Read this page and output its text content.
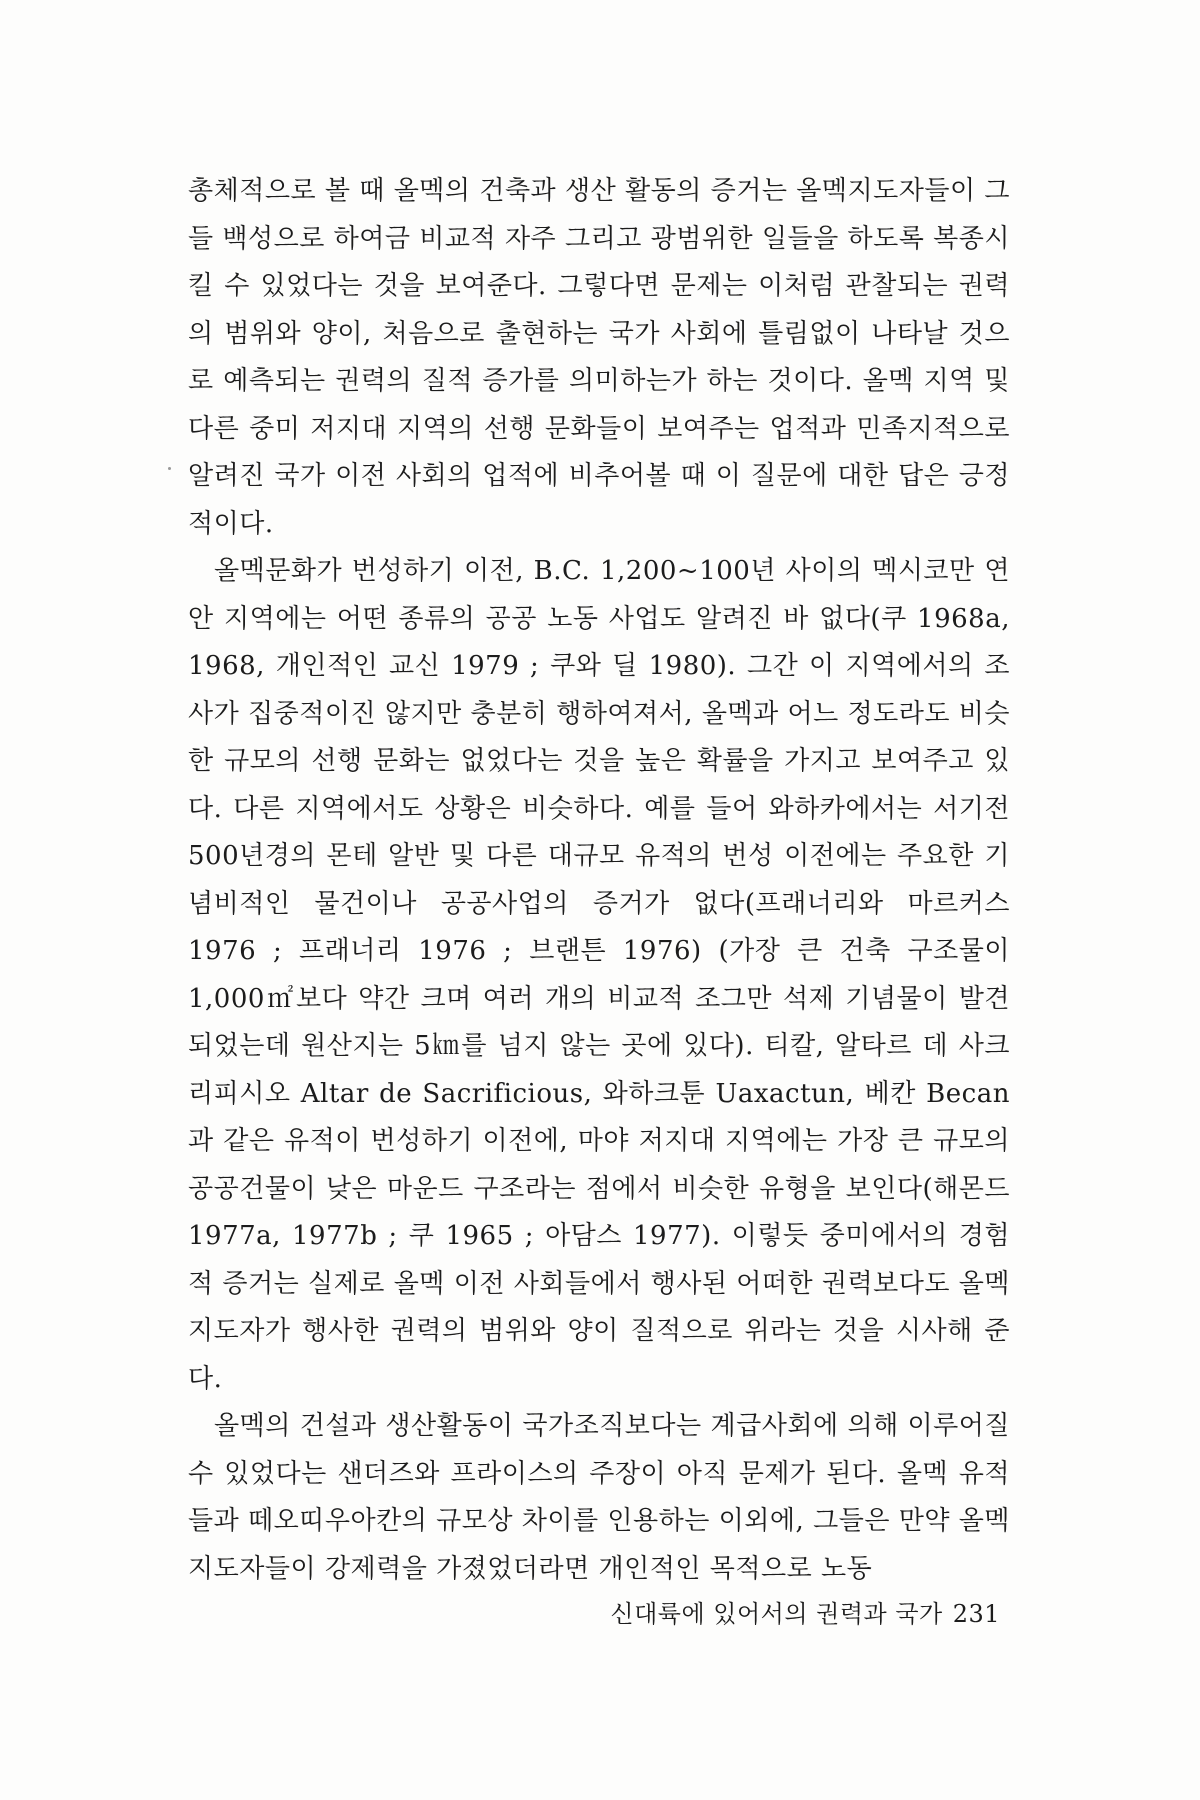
총체적으로 볼 때 올멕의 건축과 생산 활동의 증거는 올멕지도자들이 그들 백성으로 하여금 비교적 자주 그리고 광범위한 일들을 하도록 복종시킬 수 있었다는 것을 보여준다. 그렇다면 문제는 이처럼 관찰되는 권력의 범위와 양이, 처음으로 출현하는 국가 사회에 틀림없이 나타날 것으로 예측되는 권력의 질적 증가를 의미하는가 하는 것이다. 올멕 지역 및 다른 중미 저지대 지역의 선행 문화들이 보여주는 업적과 민족지적으로 알려진 국가 이전 사회의 업적에 비추어볼 때 이 질문에 대한 답은 긍정적이다.

올멕문화가 번성하기 이전, B.C. 1,200~100년 사이의 멕시코만 연안 지역에는 어떤 종류의 공공 노동 사업도 알려진 바 없다(쿠 1968a, 1968, 개인적인 교신 1979 ; 쿠와 딜 1980). 그간 이 지역에서의 조사가 집중적이진 않지만 충분히 행하여져서, 올멕과 어느 정도라도 비슷한 규모의 선행 문화는 없었다는 것을 높은 확률을 가지고 보여주고 있다. 다른 지역에서도 상황은 비슷하다. 예를 들어 와하카에서는 서기전 500년경의 몬테 알반 및 다른 대규모 유적의 번성 이전에는 주요한 기념비적인 물건이나 공공사업의 증거가 없다(프래너리와 마르커스 1976 ; 프래너리 1976 ; 브랜튼 1976) (가장 큰 건축 구조물이 1,000㎡보다 약간 크며 여러 개의 비교적 조그만 석제 기념물이 발견되었는데 원산지는 5㎞를 넘지 않는 곳에 있다). 티칼, 알타르 데 사크리피시오 Altar de Sacrificious, 와하크툰 Uaxactun, 베칸 Becan과 같은 유적이 번성하기 이전에, 마야 저지대 지역에는 가장 큰 규모의 공공건물이 낮은 마운드 구조라는 점에서 비슷한 유형을 보인다(해몬드 1977a, 1977b ; 쿠 1965 ; 아담스 1977). 이렇듯 중미에서의 경험적 증거는 실제로 올멕 이전 사회들에서 행사된 어떠한 권력보다도 올멕지도자가 행사한 권력의 범위와 양이 질적으로 위라는 것을 시사해 준다.

올멕의 건설과 생산활동이 국가조직보다는 계급사회에 의해 이루어질 수 있었다는 샌더즈와 프라이스의 주장이 아직 문제가 된다. 올멕 유적들과 떼오띠우아칸의 규모상 차이를 인용하는 이외에, 그들은 만약 올멕 지도자들이 강제력을 가졌었더라면 개인적인 목적으로 노동

신대륙에 있어서의 권력과 국가 231
